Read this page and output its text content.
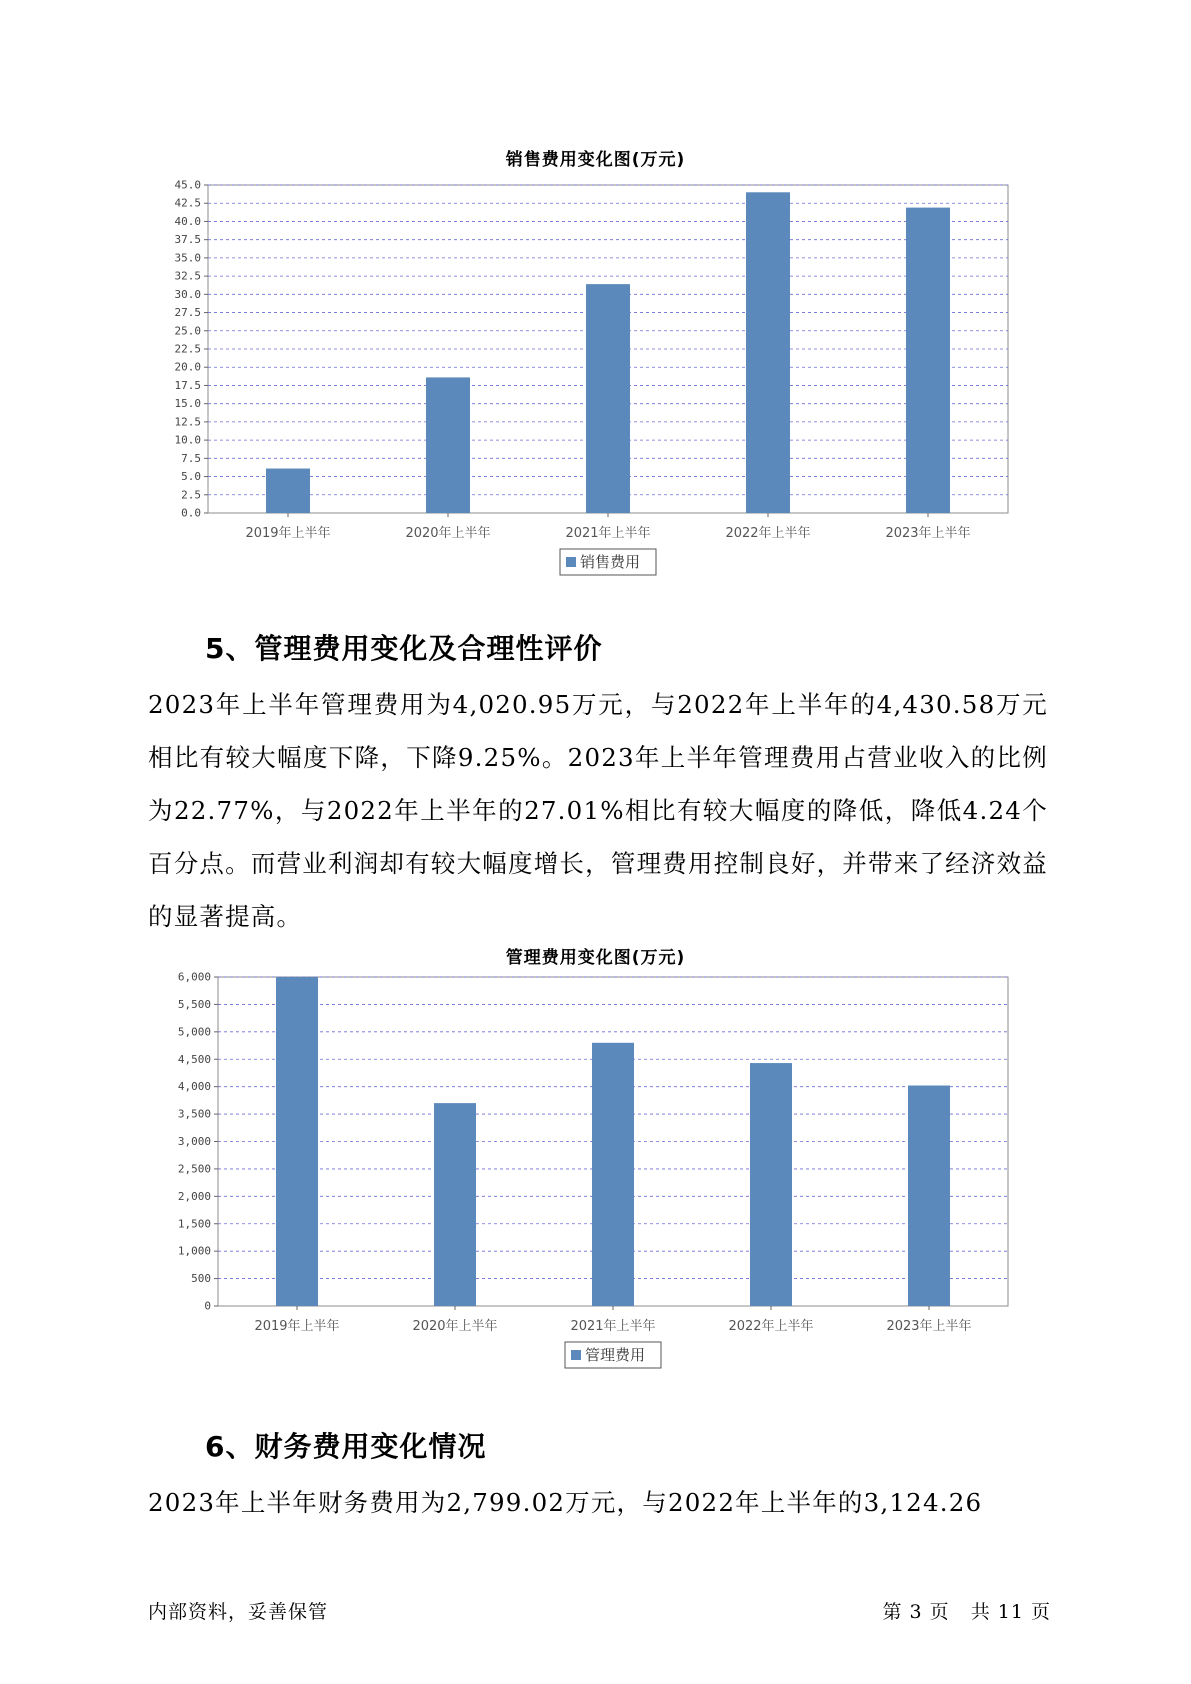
销售费用变化图(万元)
0.0
2.5
5.0
7.5
10.0
12.5
15.0
17.5
20.0
22.5
25.0
27.5
30.0
32.5
35.0
37.5
40.0
42.5
45.0
2019年上半年	2020年上半年	2021年上半年	2022年上半年	2023年上半年
销售费用
5、管理费用变化及合理性评价

2023年上半年管理费用为4,020.95万元，与2022年上半年的4,430.58万元相比有较大幅度下降，下降9.25%。2023年上半年管理费用占营业收入的比例为22.77%，与2022年上半年的27.01%相比有较大幅度的降低，降低4.24个百分点。而营业利润却有较大幅度增长，管理费用控制良好，并带来了经济效益的显著提高。

管理费用变化图(万元)
0
500
1,000
1,500
2,000
2,500
3,000
3,500
4,000
4,500
5,000
5,500
6,000
2019年上半年	2020年上半年	2021年上半年	2022年上半年	2023年上半年
管理费用
6、财务费用变化情况

2023年上半年财务费用为2,799.02万元，与2022年上半年的3,124.26

内部资料，妥善保管	第 3 页   共 11 页
